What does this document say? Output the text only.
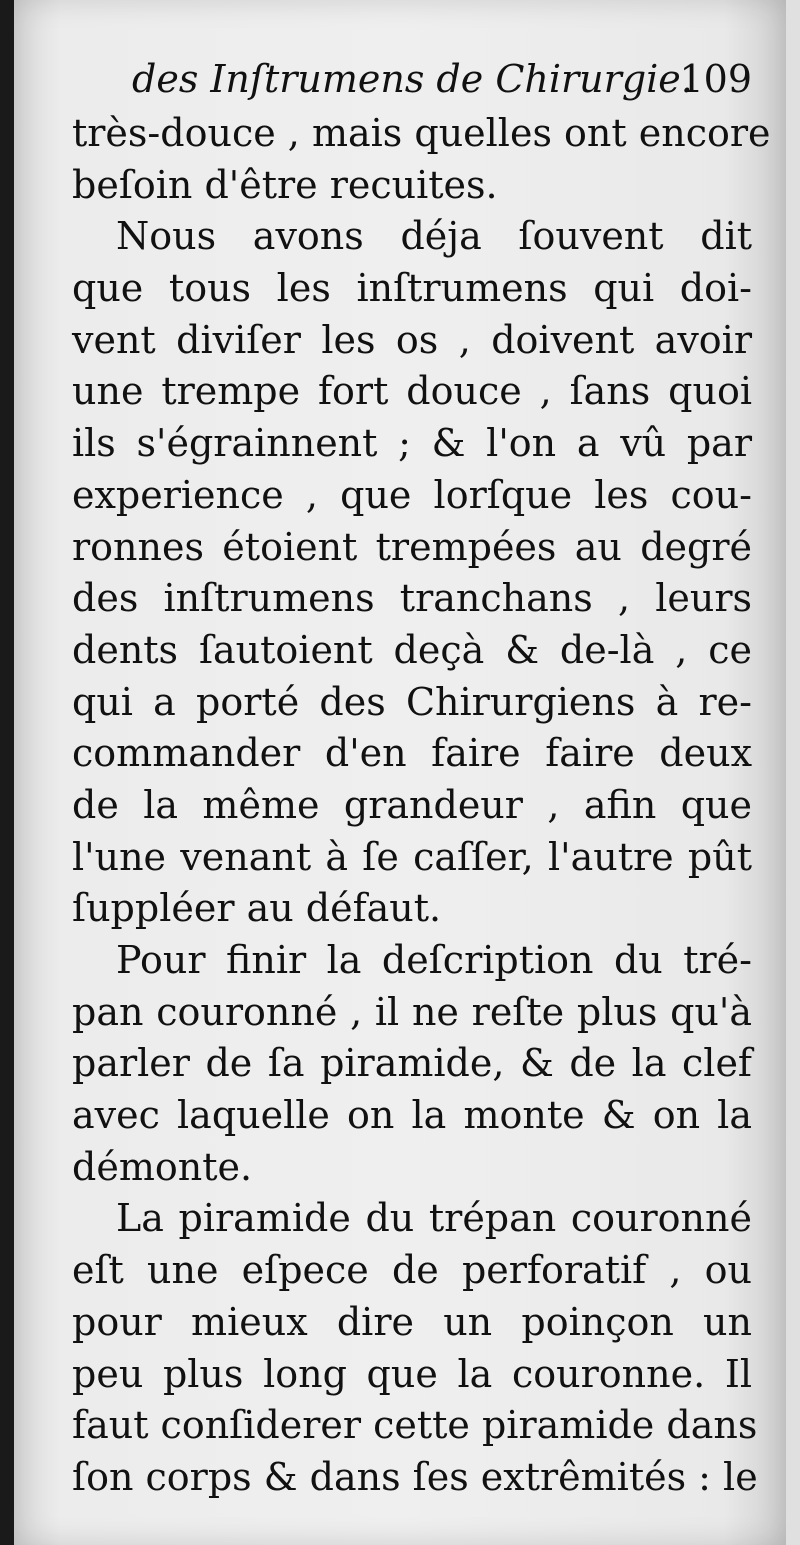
des Inſtrumens de Chirurgie.
109
très-douce , mais quelles ont encore
beſoin d'être recuites.
Nous avons déja ſouvent dit
que tous les inſtrumens qui doi-
vent diviſer les os , doivent avoir
une trempe fort douce , ſans quoi
ils s'égrainnent ; & l'on a vû par
experience , que lorſque les cou-
ronnes étoient trempées au degré
des inſtrumens tranchans , leurs
dents ſautoient deçà & de-là , ce
qui a porté des Chirurgiens à re-
commander d'en faire faire deux
de la même grandeur , afin que
l'une venant à ſe caſſer, l'autre pût
ſuppléer au défaut.
Pour finir la deſcription du tré-
pan couronné , il ne reſte plus qu'à
parler de ſa piramide, & de la clef
avec laquelle on la monte & on la
démonte.
La piramide du trépan couronné
eſt une eſpece de perforatif , ou
pour mieux dire un poinçon un
peu plus long que la couronne. Il
faut conſiderer cette piramide dans
ſon corps & dans ſes extrêmités : le
